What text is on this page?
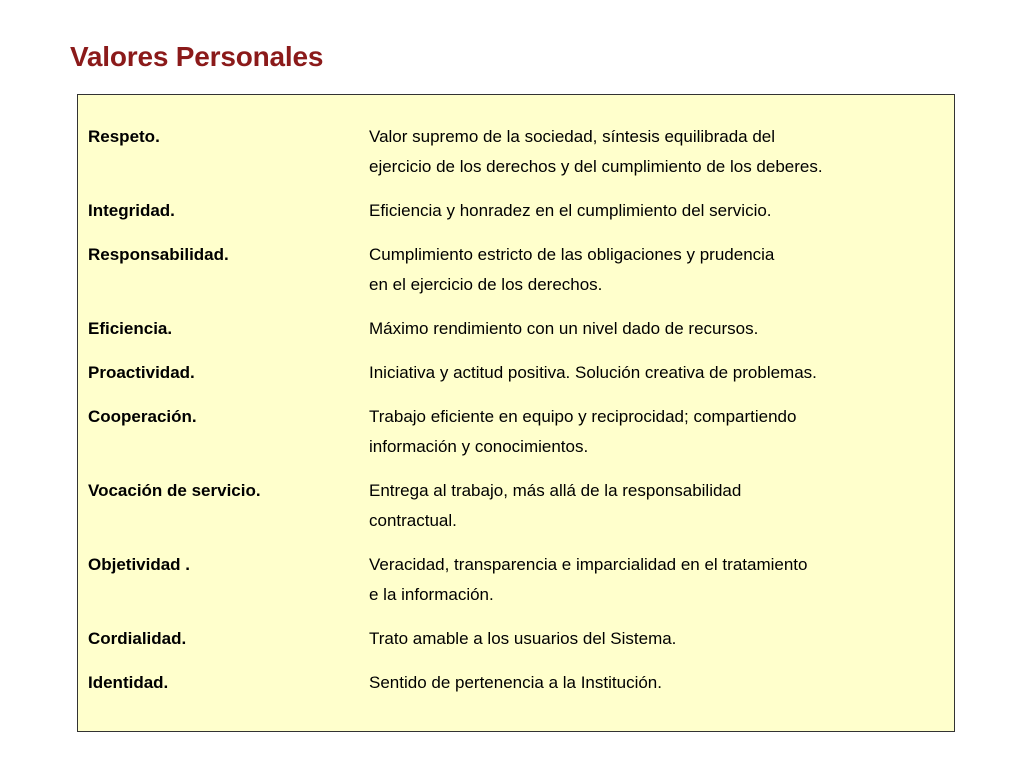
Valores Personales
Respeto.	Valor supremo de la sociedad, síntesis equilibrada del
ejercicio de los derechos y del cumplimiento de los deberes.
Integridad.	Eficiencia y honradez en el cumplimiento del servicio.
Responsabilidad.	Cumplimiento estricto de las obligaciones y prudencia
en el ejercicio de los derechos.
Eficiencia.	Máximo rendimiento con un nivel dado de recursos.
Proactividad.	Iniciativa y actitud positiva. Solución creativa de problemas.
Cooperación.	Trabajo eficiente en equipo y reciprocidad; compartiendo
información y conocimientos.
Vocación de servicio.	Entrega al trabajo, más allá de la responsabilidad
contractual.
Objetividad .	Veracidad, transparencia e imparcialidad en el tratamiento
e la información.
Cordialidad.	Trato amable a los usuarios del Sistema.
Identidad.	Sentido de pertenencia a la Institución.
